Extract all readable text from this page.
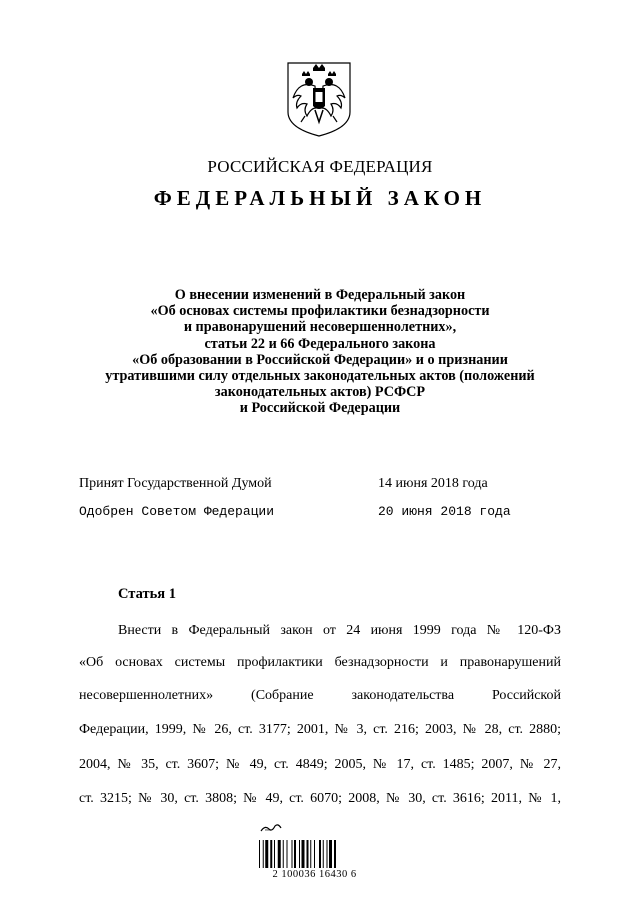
РОССИЙСКАЯ ФЕДЕРАЦИЯ
ФЕДЕРАЛЬНЫЙ ЗАКОН
О внесении изменений в Федеральный закон
«Об основах системы профилактики безнадзорности
и правонарушений несовершеннолетних»,
статьи 22 и 66 Федерального закона
«Об образовании в Российской Федерации» и о признании
утратившими силу отдельных законодательных актов (положений
законодательных актов) РСФСР
и Российской Федерации
Принят Государственной Думой	14 июня 2018 года
Одобрен Советом Федерации	20 июня 2018 года
Статья 1
Внести в Федеральный закон от 24 июня 1999 года № 120-ФЗ
«Об основах системы профилактики безнадзорности и правонарушений
несовершеннолетних» (Собрание законодательства Российской
Федерации, 1999, № 26, ст. 3177; 2001, № 3, ст. 216; 2003, № 28, ст. 2880;
2004, № 35, ст. 3607; № 49, ст. 4849; 2005, № 17, ст. 1485; 2007, № 27,
ст. 3215; № 30, ст. 3808; № 49, ст. 6070; 2008, № 30, ст. 3616; 2011, № 1,
***
2 100036 16430 6
